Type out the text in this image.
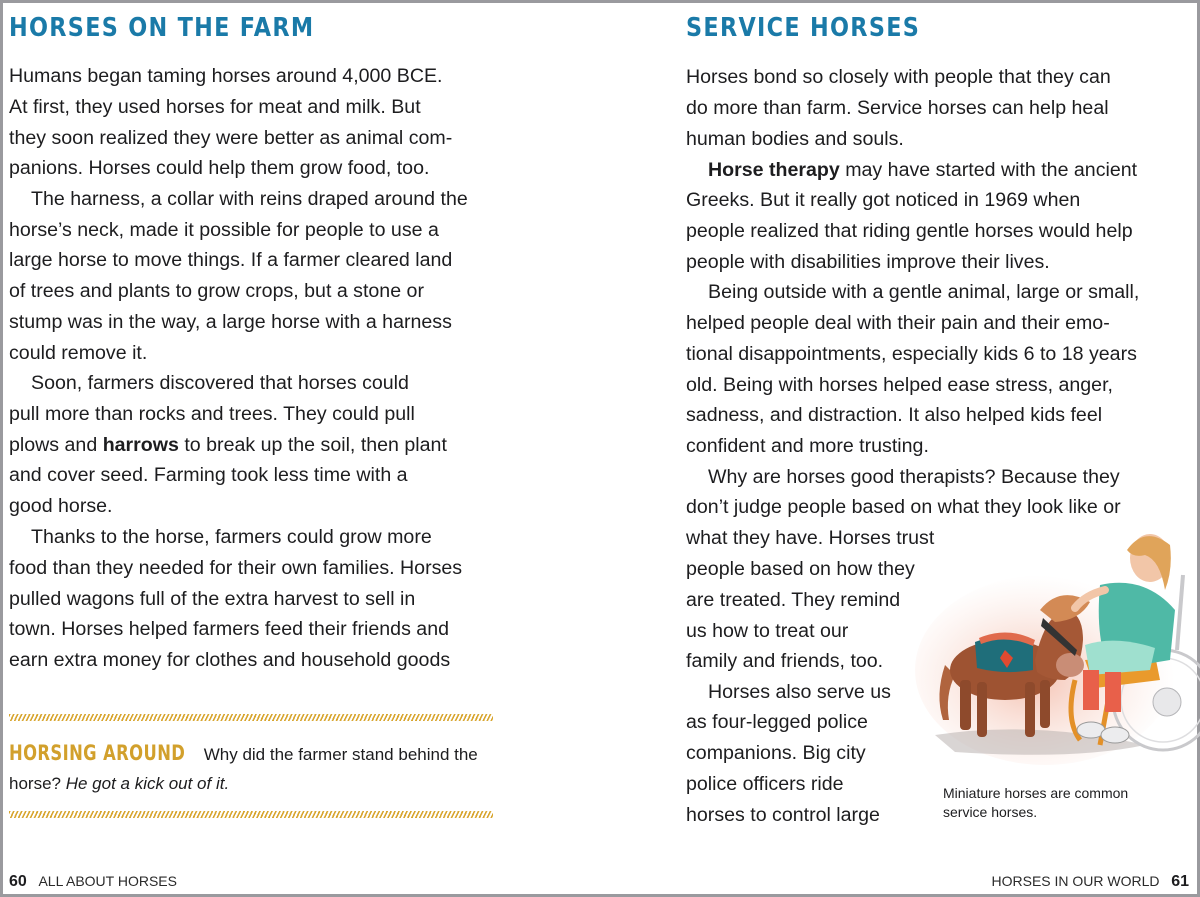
HORSES ON THE FARM
Humans began taming horses around 4,000 BCE.
At first, they used horses for meat and milk. But
they soon realized they were better as animal com-
panions. Horses could help them grow food, too.
The harness, a collar with reins draped around the
horse’s neck, made it possible for people to use a
large horse to move things. If a farmer cleared land
of trees and plants to grow crops, but a stone or
stump was in the way, a large horse with a harness
could remove it.
Soon, farmers discovered that horses could
pull more than rocks and trees. They could pull
plows and harrows to break up the soil, then plant
and cover seed. Farming took less time with a
good horse.
Thanks to the horse, farmers could grow more
food than they needed for their own families. Horses
pulled wagons full of the extra harvest to sell in
town. Horses helped farmers feed their friends and
earn extra money for clothes and household goods
HORSING AROUND Why did the farmer stand behind the
horse? He got a kick out of it.
60 ALL ABOUT HORSES
SERVICE HORSES
Horses bond so closely with people that they can
do more than farm. Service horses can help heal
human bodies and souls.
Horse therapy may have started with the ancient
Greeks. But it really got noticed in 1969 when
people realized that riding gentle horses would help
people with disabilities improve their lives.
Being outside with a gentle animal, large or small,
helped people deal with their pain and their emo-
tional disappointments, especially kids 6 to 18 years
old. Being with horses helped ease stress, anger,
sadness, and distraction. It also helped kids feel
confident and more trusting.
Why are horses good therapists? Because they
don’t judge people based on what they look like or
what they have. Horses trust
people based on how they
are treated. They remind
us how to treat our
family and friends, too.
Horses also serve us
as four-legged police
companions. Big city
police officers ride
horses to control large
Miniature horses are common service horses.
HORSES IN OUR WORLD 61
